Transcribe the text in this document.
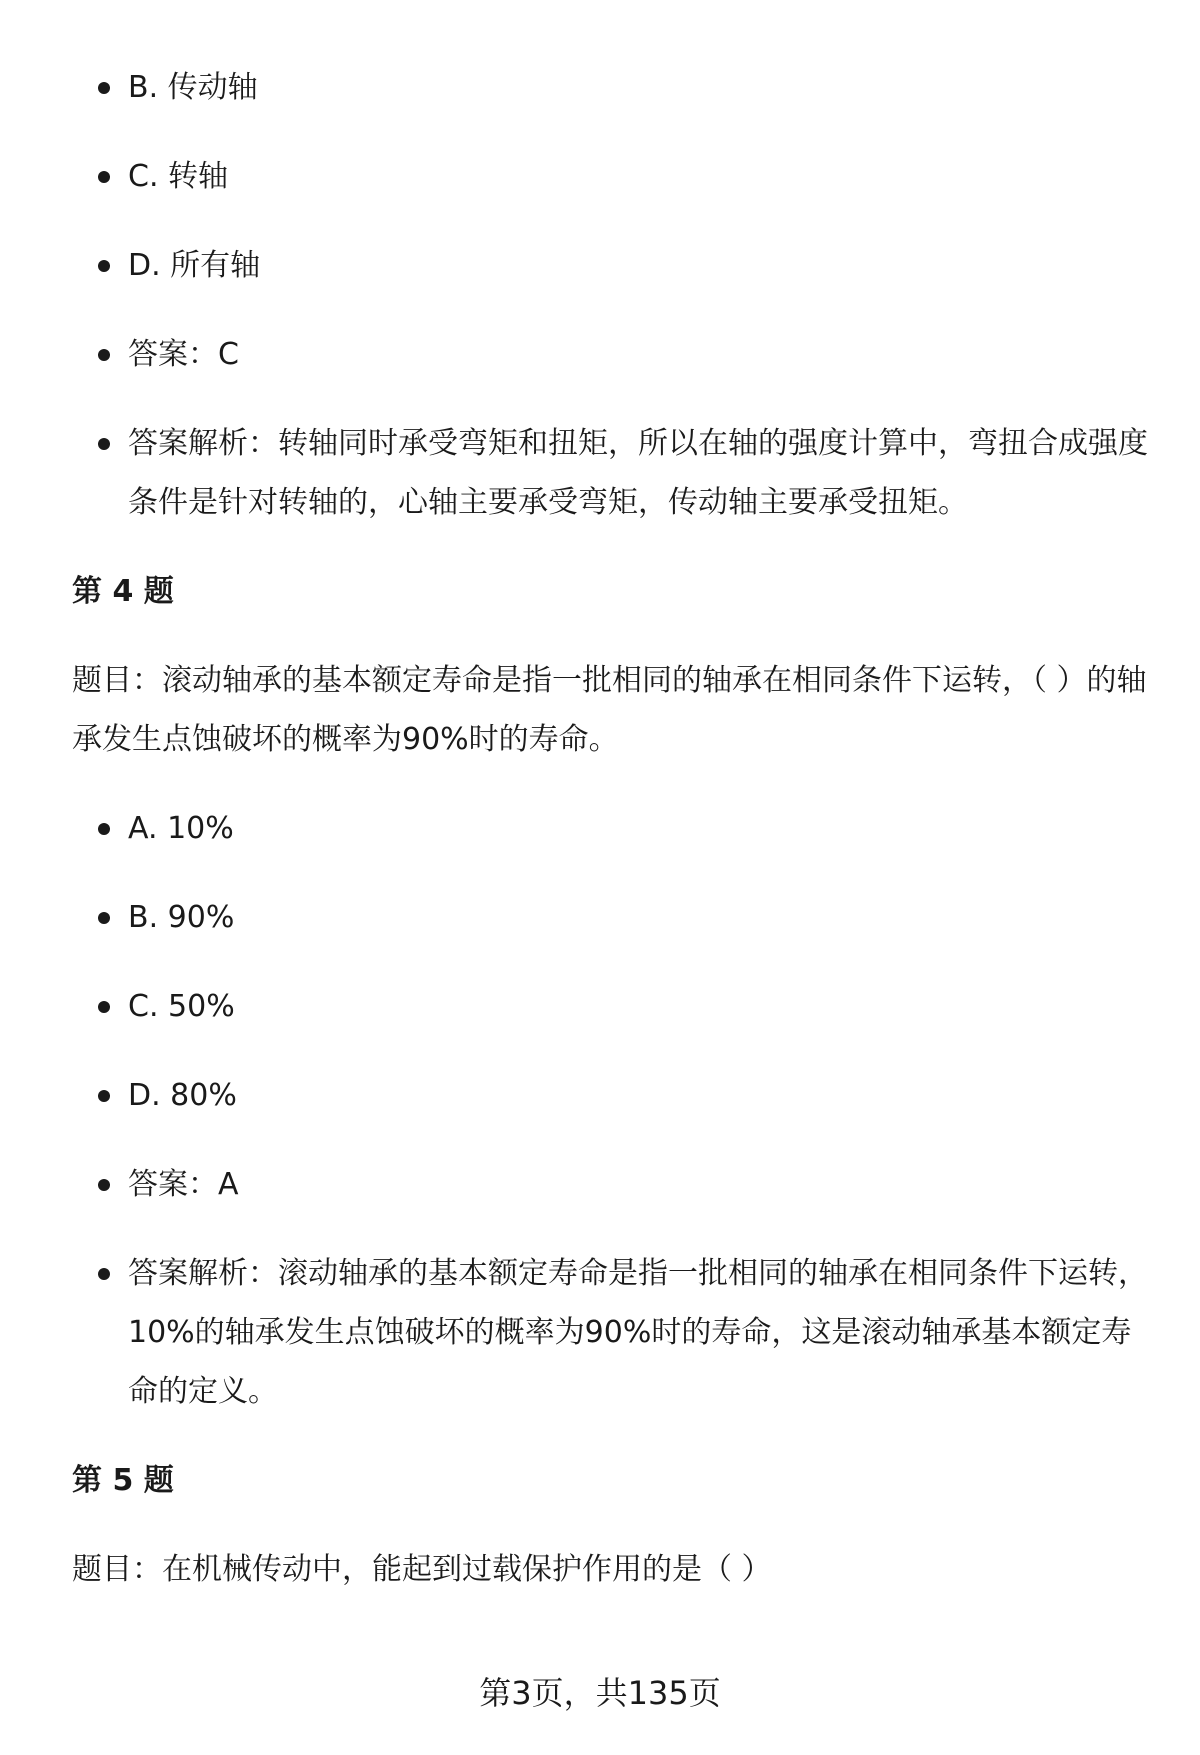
B. 传动轴
C. 转轴
D. 所有轴
答案：C
答案解析：转轴同时承受弯矩和扭矩，所以在轴的强度计算中，弯扭合成强度条件是针对转轴的，心轴主要承受弯矩，传动轴主要承受扭矩。
第 4 题
题目：滚动轴承的基本额定寿命是指一批相同的轴承在相同条件下运转，（ ）的轴承发生点蚀破坏的概率为90%时的寿命。
A. 10%
B. 90%
C. 50%
D. 80%
答案：A
答案解析：滚动轴承的基本额定寿命是指一批相同的轴承在相同条件下运转，10%的轴承发生点蚀破坏的概率为90%时的寿命，这是滚动轴承基本额定寿命的定义。
第 5 题
题目：在机械传动中，能起到过载保护作用的是（ ）
第3页，共135页
